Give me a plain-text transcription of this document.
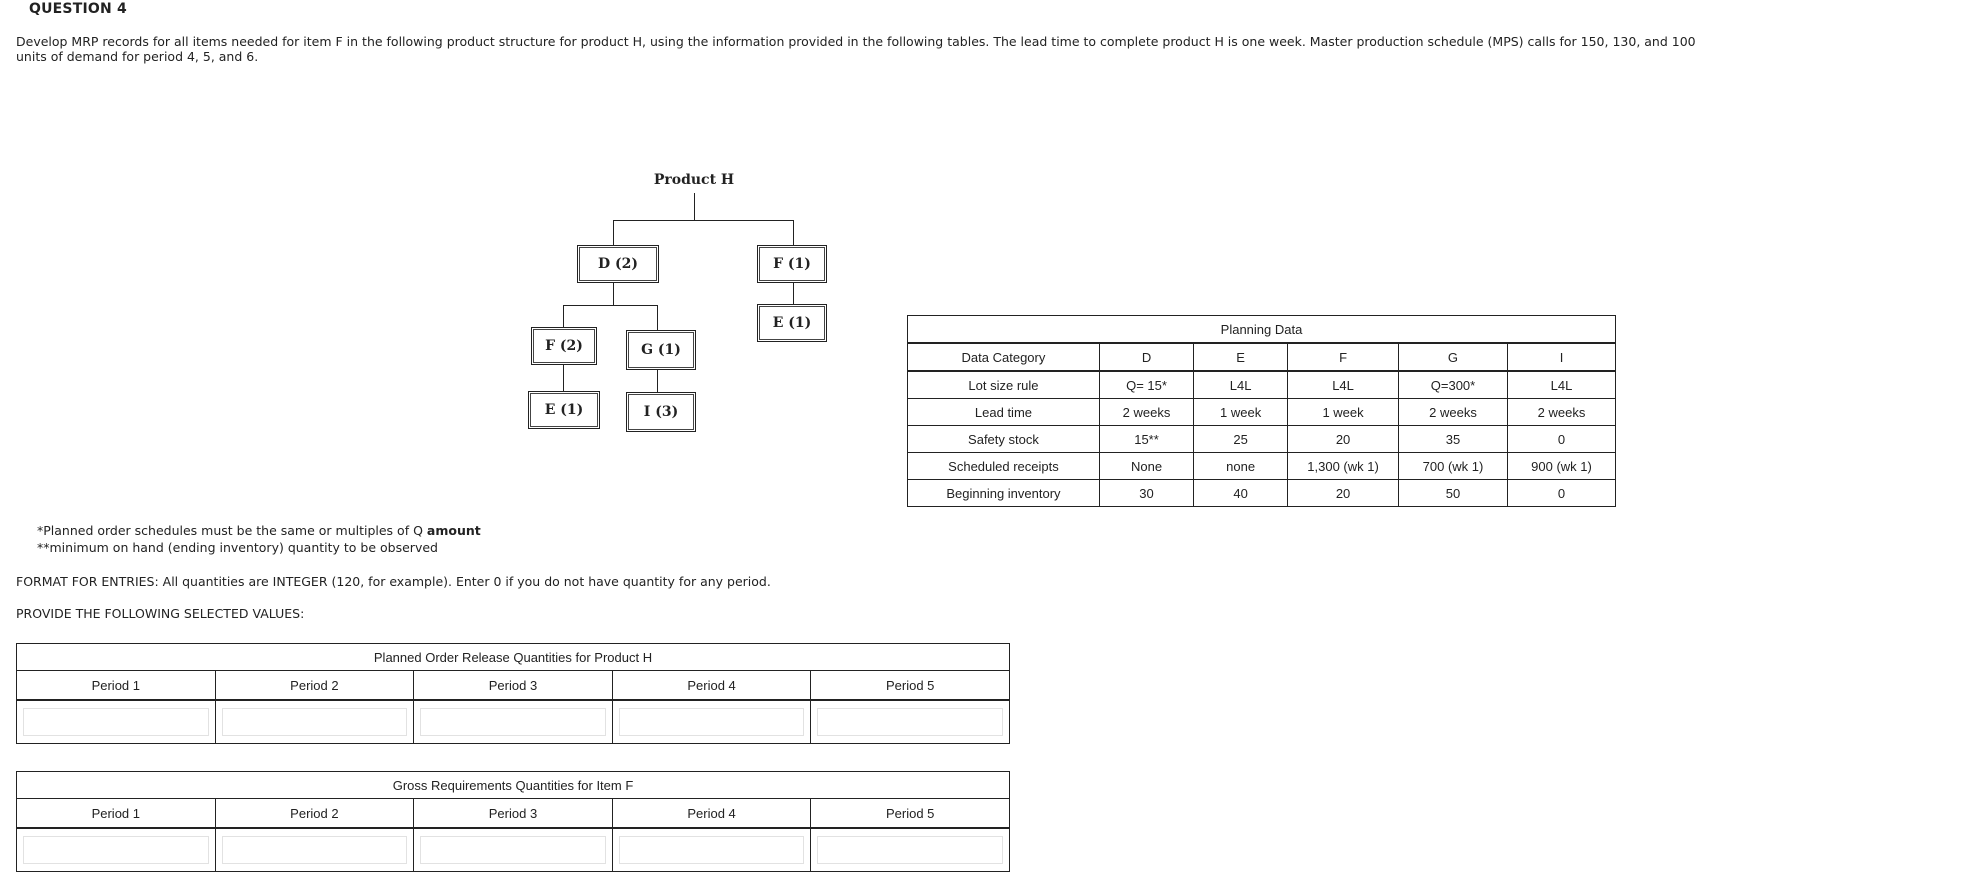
QUESTION 4
Develop MRP records for all items needed for item F in the following product structure for product H, using the information provided in the following tables. The lead time to complete product H is one week. Master production schedule (MPS) calls for 150, 130, and 100 units of demand for period 4, 5, and 6.
Product H
D (2)	F (1)
E (1)
F (2)	G (1)
E (1)	I (3)
Planning Data					
Data Category	D	E	F	G	I
Lot size rule	Q= 15*	L4L	L4L	Q=300*	L4L
Lead time	2 weeks	1 week	1 week	2 weeks	2 weeks
Safety stock	15**	25	20	35	0
Scheduled receipts	None	none	1,300 (wk 1)	700 (wk 1)	900 (wk 1)
Beginning inventory	30	40	20	50	0
*Planned order schedules must be the same or multiples of Q amount
**minimum on hand (ending inventory) quantity to be observed
FORMAT FOR ENTRIES: All quantities are INTEGER (120, for example). Enter 0 if you do not have quantity for any period.
PROVIDE THE FOLLOWING SELECTED VALUES:
Planned Order Release Quantities for Product H				
Period 1	Period 2	Period 3	Period 4	Period 5

Gross Requirements Quantities for Item F				
Period 1	Period 2	Period 3	Period 4	Period 5
